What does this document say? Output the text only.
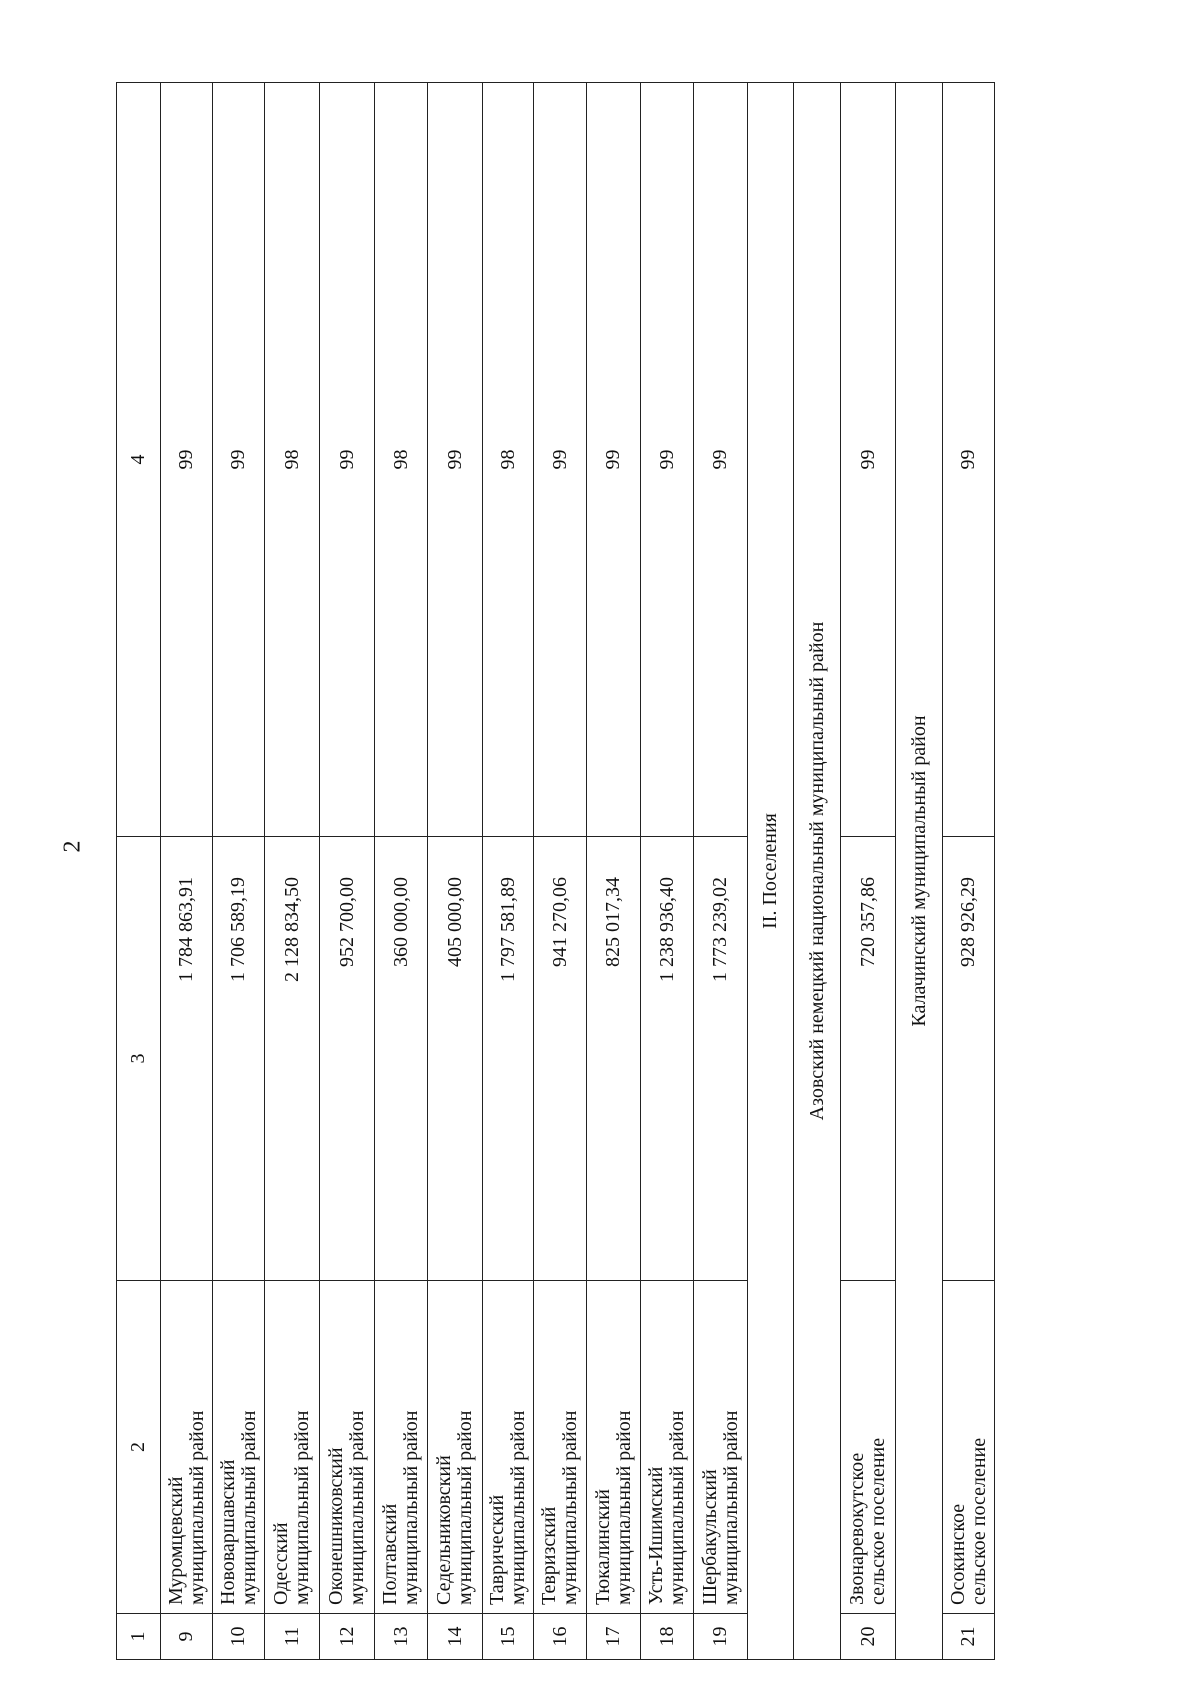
2
1	2	3	4
9	Муромцевский муниципальный район	1 784 863,91	99
10	Нововаршавский муниципальный район	1 706 589,19	99
11	Одесский муниципальный район	2 128 834,50	98
12	Оконешниковский муниципальный район	952 700,00	99
13	Полтавский муниципальный район	360 000,00	98
14	Седельниковский муниципальный район	405 000,00	99
15	Таврический муниципальный район	1 797 581,89	98
16	Тевризский муниципальный район	941 270,06	99
17	Тюкалинский муниципальный район	825 017,34	99
18	Усть-Ишимский муниципальный район	1 238 936,40	99
19	Шербакульский муниципальный район	1 773 239,02	99
II. Поселения			
Азовский немецкий национальный муниципальный район			
20	Звонаревокутское сельское поселение	720 357,86	99
Калачинский муниципальный район			
21	Осокинское сельское поселение	928 926,29	99
